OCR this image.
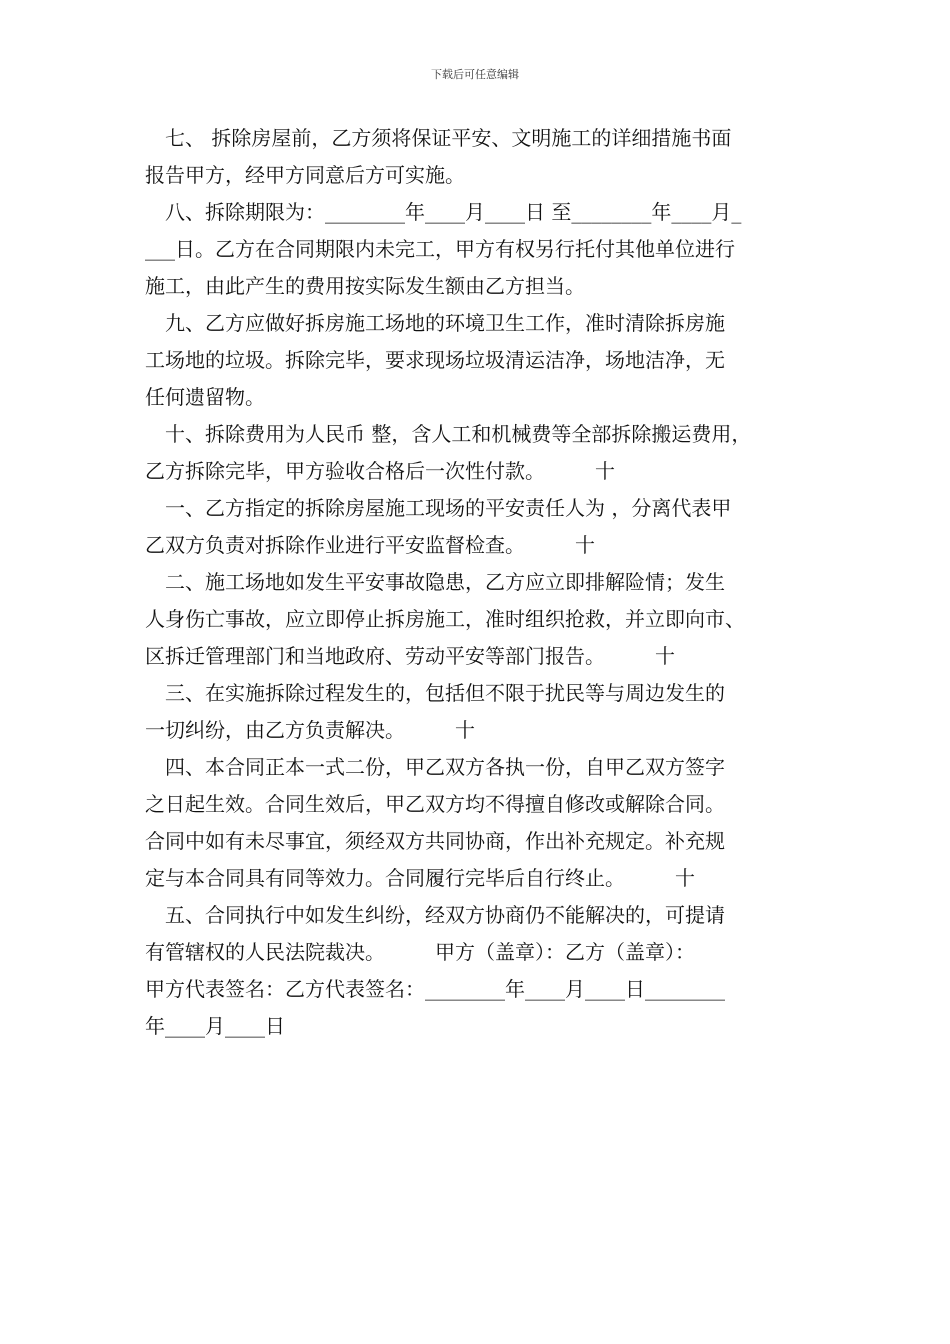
下载后可任意编辑
　七、 拆除房屋前，乙方须将保证平安、文明施工的详细措施书面
报告甲方，经甲方同意后方可实施。
　八、拆除期限为：________年____月____日 至________年____月_
___日。乙方在合同期限内未完工，甲方有权另行托付其他单位进行
施工，由此产生的费用按实际发生额由乙方担当。
　九、乙方应做好拆房施工场地的环境卫生工作，准时清除拆房施
工场地的垃圾。拆除完毕，要求现场垃圾清运洁净，场地洁净，无
任何遗留物。
　十、拆除费用为人民币 整，含人工和机械费等全部拆除搬运费用，
乙方拆除完毕，甲方验收合格后一次性付款。　　　十
　一、乙方指定的拆除房屋施工现场的平安责任人为 ，分离代表甲
乙双方负责对拆除作业进行平安监督检查。　　　十
　二、施工场地如发生平安事故隐患，乙方应立即排解险情；发生
人身伤亡事故，应立即停止拆房施工，准时组织抢救，并立即向市、
区拆迁管理部门和当地政府、劳动平安等部门报告。　　　十
　三、在实施拆除过程发生的，包括但不限于扰民等与周边发生的
一切纠纷，由乙方负责解决。　　　十
　四、本合同正本一式二份，甲乙双方各执一份，自甲乙双方签字
之日起生效。合同生效后，甲乙双方均不得擅自修改或解除合同。
合同中如有未尽事宜，须经双方共同协商，作出补充规定。补充规
定与本合同具有同等效力。合同履行完毕后自行终止。　　　十
　五、合同执行中如发生纠纷，经双方协商仍不能解决的，可提请
有管辖权的人民法院裁决。　　　甲方（盖章）：乙方（盖章）：
甲方代表签名：乙方代表签名：________年____月____日________
年____月____日
